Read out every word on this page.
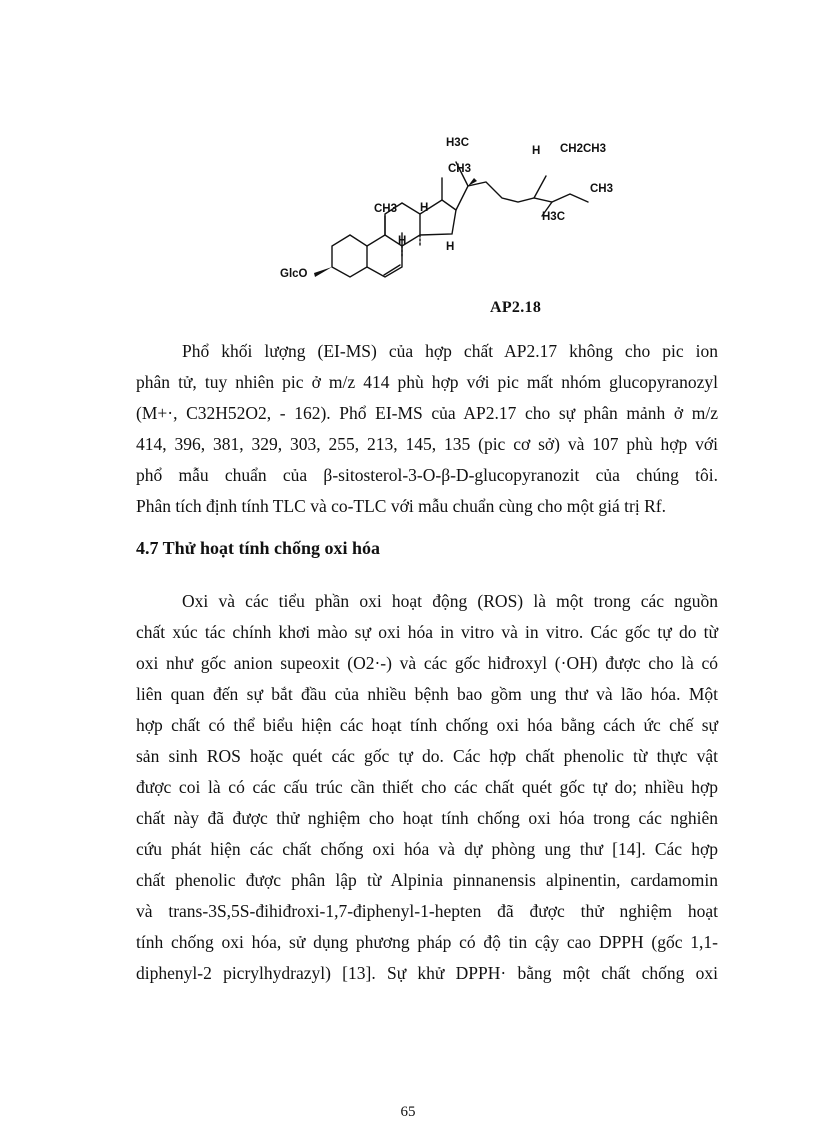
H3C
CH3
H CH2CH3
CH3
H3C
CH3 H
H	H
GlcO
AP2.18
Phổ khối lượng (EI-MS) của hợp chất AP2.17 không cho pic ion
phân tử, tuy nhiên pic ở m/z 414 phù hợp với pic mất nhóm glucopyranozyl
(M+·, C32H52O2, - 162). Phổ EI-MS của AP2.17 cho sự phân mảnh ở m/z
414, 396, 381, 329, 303, 255, 213, 145, 135 (pic cơ sở) và 107 phù hợp với
phổ mẫu chuẩn của β-sitosterol-3-O-β-D-glucopyranozit của chúng tôi.
Phân tích định tính TLC và co-TLC với mẫu chuẩn cùng cho một giá trị Rf.
4.7 Thử hoạt tính chống oxi hóa
Oxi và các tiểu phần oxi hoạt động (ROS) là một trong các nguồn
chất xúc tác chính khơi mào sự oxi hóa in vitro và in vitro. Các gốc tự do từ
oxi như gốc anion supeoxit (O2·-) và các gốc hiđroxyl (·OH) được cho là có
liên quan đến sự bắt đầu của nhiều bệnh bao gồm ung thư và lão hóa. Một
hợp chất có thể biểu hiện các hoạt tính chống oxi hóa bằng cách ức chế sự
sản sinh ROS hoặc quét các gốc tự do. Các hợp chất phenolic từ thực vật
được coi là có các cấu trúc cần thiết cho các chất quét gốc tự do; nhiều hợp
chất này đã được thử nghiệm cho hoạt tính chống oxi hóa trong các nghiên
cứu phát hiện các chất chống oxi hóa và dự phòng ung thư [14]. Các hợp
chất phenolic được phân lập từ Alpinia pinnanensis alpinentin, cardamomin
và trans-3S,5S-đihiđroxi-1,7-điphenyl-1-hepten đã được thử nghiệm hoạt
tính chống oxi hóa, sử dụng phương pháp có độ tin cậy cao DPPH (gốc 1,1-
diphenyl-2 picrylhydrazyl) [13]. Sự khử DPPH· bằng một chất chống oxi
65
